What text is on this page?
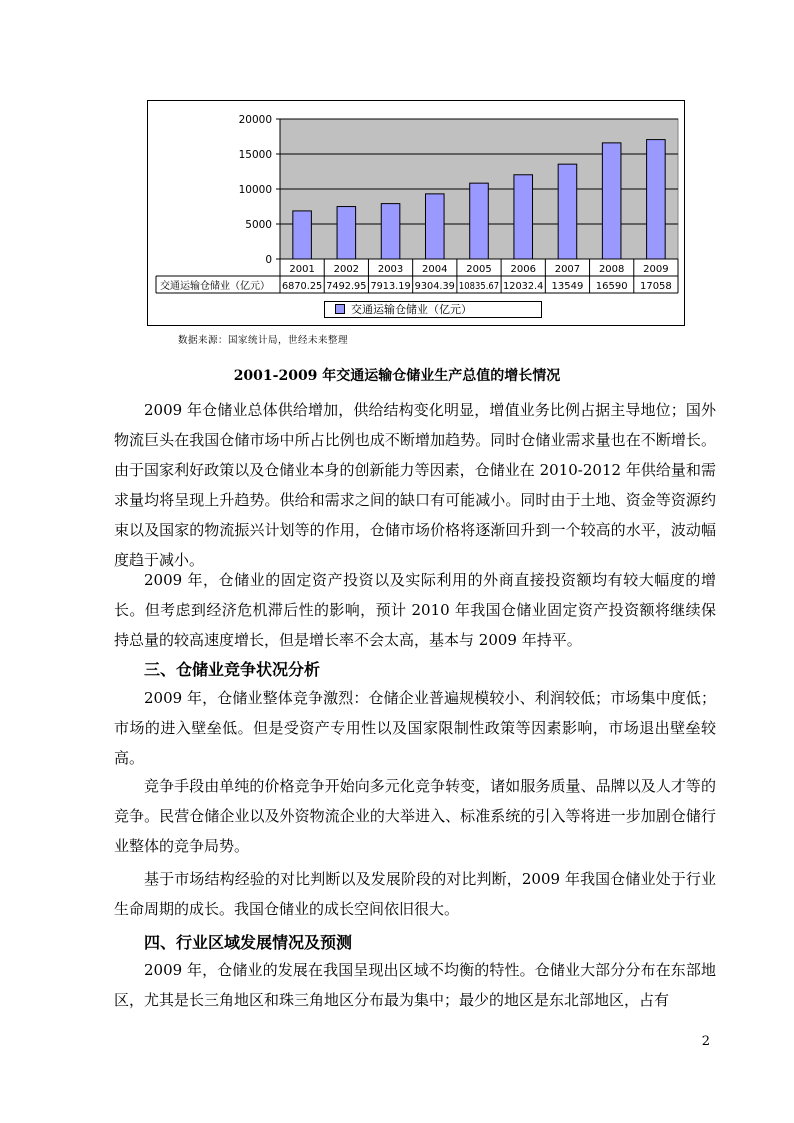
0
5000
10000
15000
20000
交通运输仓储业（亿元）
2001
6870.25
2002
7492.95
2003
7913.19
2004
9304.39
2005
10835.67
2006
12032.4
2007
13549
2008
16590
2009
17058
交通运输仓储业（亿元）
数据来源：国家统计局，世经未来整理
2001-2009 年交通运输仓储业生产总值的增长情况

2009 年仓储业总体供给增加，供给结构变化明显，增值业务比例占据主导地位；国外物流巨头在我国仓储市场中所占比例也成不断增加趋势。同时仓储业需求量也在不断增长。由于国家利好政策以及仓储业本身的创新能力等因素，仓储业在 2010-2012 年供给量和需求量均将呈现上升趋势。供给和需求之间的缺口有可能减小。同时由于土地、资金等资源约束以及国家的物流振兴计划等的作用，仓储市场价格将逐渐回升到一个较高的水平，波动幅度趋于减小。

2009 年，仓储业的固定资产投资以及实际利用的外商直接投资额均有较大幅度的增长。但考虑到经济危机滞后性的影响，预计 2010 年我国仓储业固定资产投资额将继续保持总量的较高速度增长，但是增长率不会太高，基本与 2009 年持平。

三、仓储业竞争状况分析

2009 年，仓储业整体竞争激烈：仓储企业普遍规模较小、利润较低；市场集中度低；市场的进入壁垒低。但是受资产专用性以及国家限制性政策等因素影响，市场退出壁垒较高。

竞争手段由单纯的价格竞争开始向多元化竞争转变，诸如服务质量、品牌以及人才等的竞争。民营仓储企业以及外资物流企业的大举进入、标准系统的引入等将进一步加剧仓储行业整体的竞争局势。

基于市场结构经验的对比判断以及发展阶段的对比判断，2009 年我国仓储业处于行业生命周期的成长。我国仓储业的成长空间依旧很大。

四、行业区域发展情况及预测

2009 年，仓储业的发展在我国呈现出区域不均衡的特性。仓储业大部分分布在东部地区，尤其是长三角地区和珠三角地区分布最为集中；最少的地区是东北部地区，占有

2
